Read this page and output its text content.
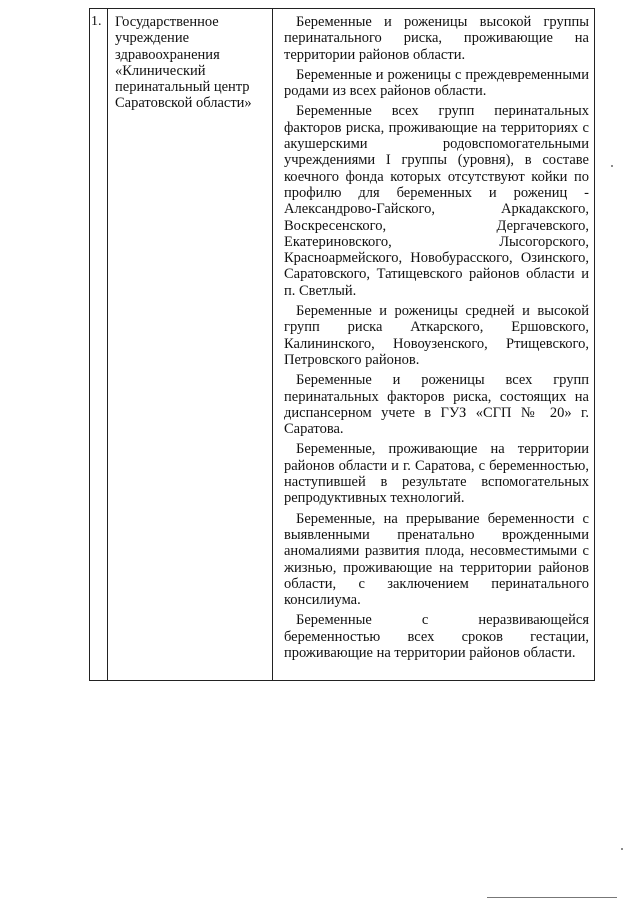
1. Государственное учреждение здравоохранения «Клинический перинатальный центр Саратовской области»

Беременные и роженицы высокой группы перинатального риска, проживающие на территории районов области.

Беременные и роженицы с преждевременными родами из всех районов области.

Беременные всех групп перинатальных факторов риска, проживающие на территориях с акушерскими родовспомогательными учреждениями I группы (уровня), в составе коечного фонда которых отсутствуют койки по профилю для беременных и рожениц - Александрово-Гайского, Аркадакского, Воскресенского, Дергачевского, Екатериновского, Лысогорского, Красноармейского, Новобурасского, Озинского, Саратовского, Татищевского районов области и п. Светлый.

Беременные и роженицы средней и высокой групп риска Аткарского, Ершовского, Калининского, Новоузенского, Ртищевского, Петровского районов.

Беременные и роженицы всех групп перинатальных факторов риска, состоящих на диспансерном учете в ГУЗ «СГП № 20» г. Саратова.

Беременные, проживающие на территории районов области и г. Саратова, с беременностью, наступившей в результате вспомогательных репродуктивных технологий.

Беременные, на прерывание беременности с выявленными пренатально врожденными аномалиями развития плода, несовместимыми с жизнью, проживающие на территории районов области, с заключением перинатального консилиума.

Беременные с неразвивающейся беременностью всех сроков гестации, проживающие на территории районов области.
